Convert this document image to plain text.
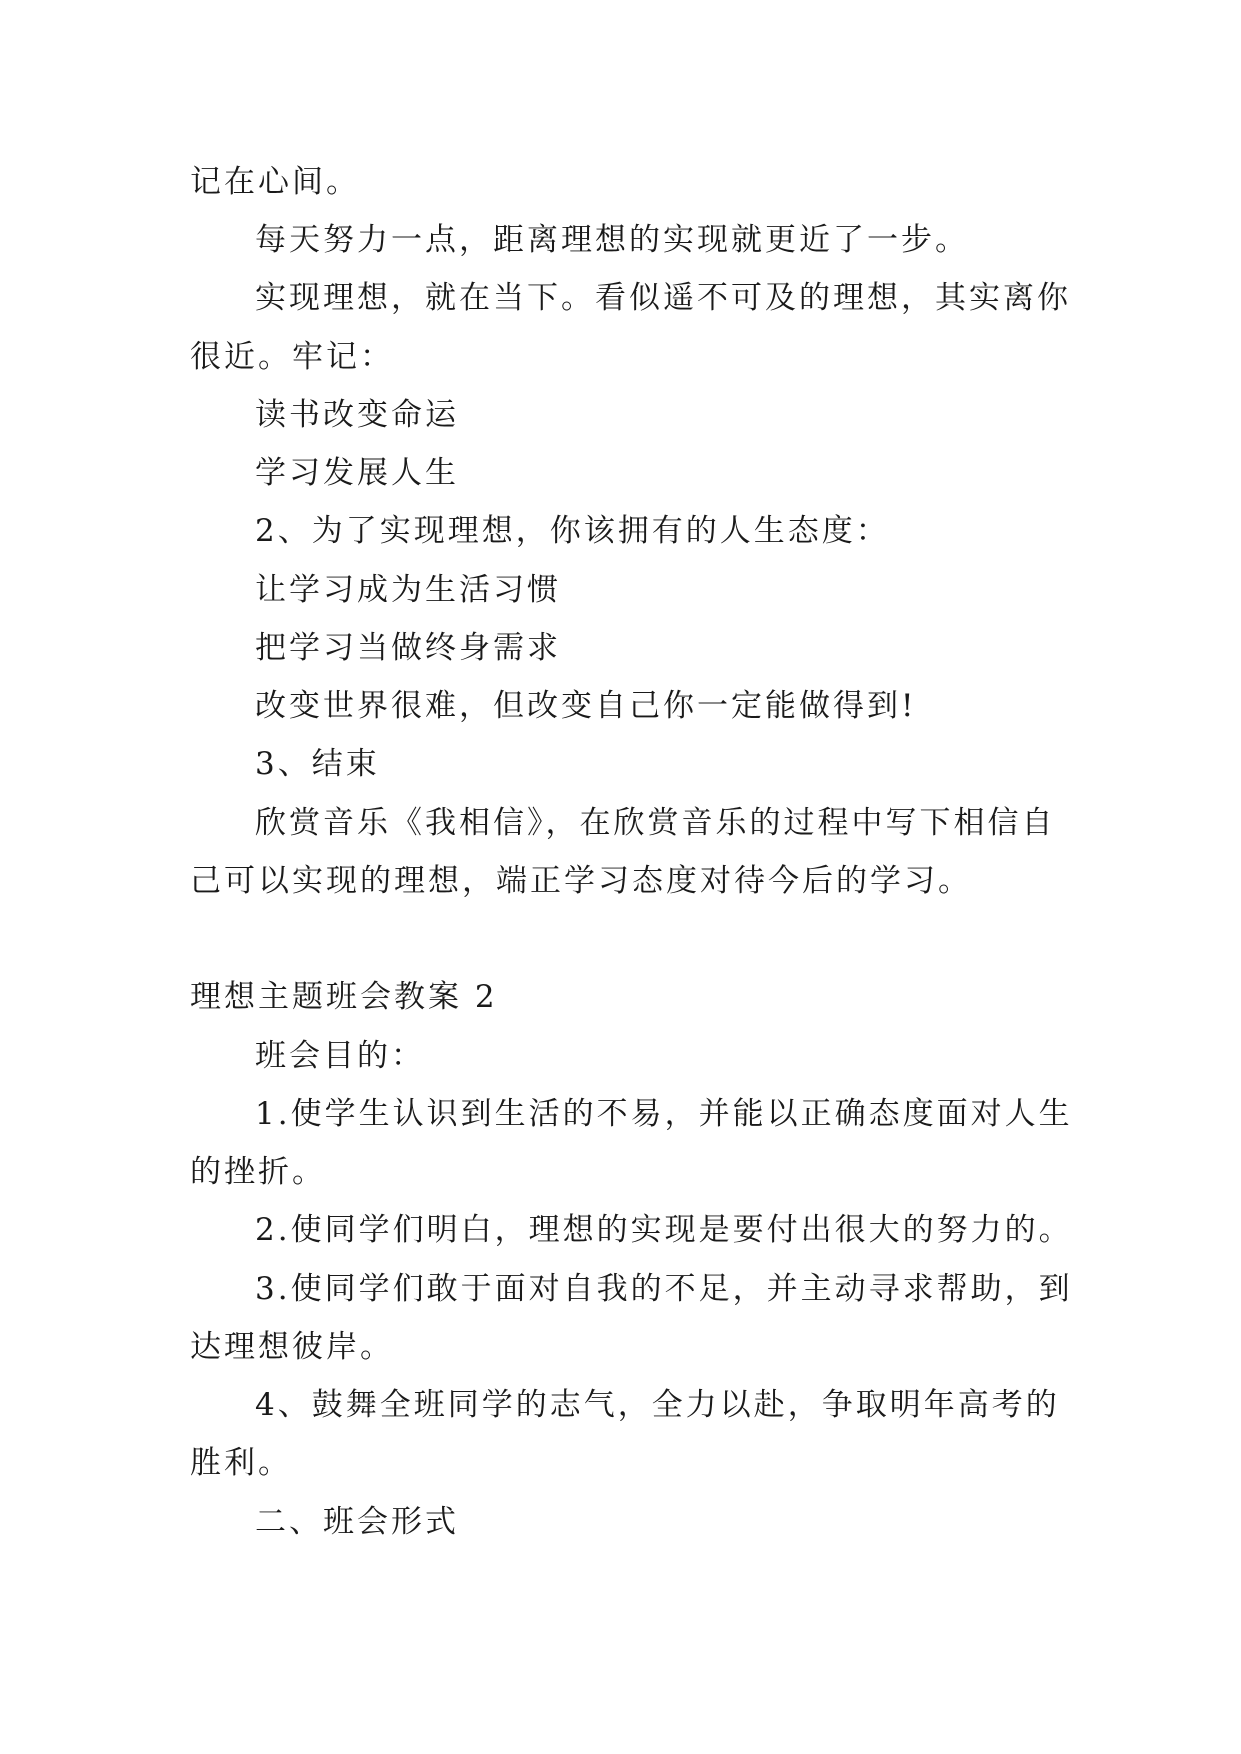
记在心间。
每天努力一点，距离理想的实现就更近了一步。
实现理想，就在当下。看似遥不可及的理想，其实离你
很近。牢记：
读书改变命运
学习发展人生
2、为了实现理想，你该拥有的人生态度：
让学习成为生活习惯
把学习当做终身需求
改变世界很难，但改变自己你一定能做得到!
3、结束
欣赏音乐《我相信》，在欣赏音乐的过程中写下相信自
己可以实现的理想，端正学习态度对待今后的学习。
理想主题班会教案 2
班会目的：
1.使学生认识到生活的不易，并能以正确态度面对人生
的挫折。
2.使同学们明白，理想的实现是要付出很大的努力的。
3.使同学们敢于面对自我的不足，并主动寻求帮助，到
达理想彼岸。
4、鼓舞全班同学的志气，全力以赴，争取明年高考的
胜利。
二、班会形式
